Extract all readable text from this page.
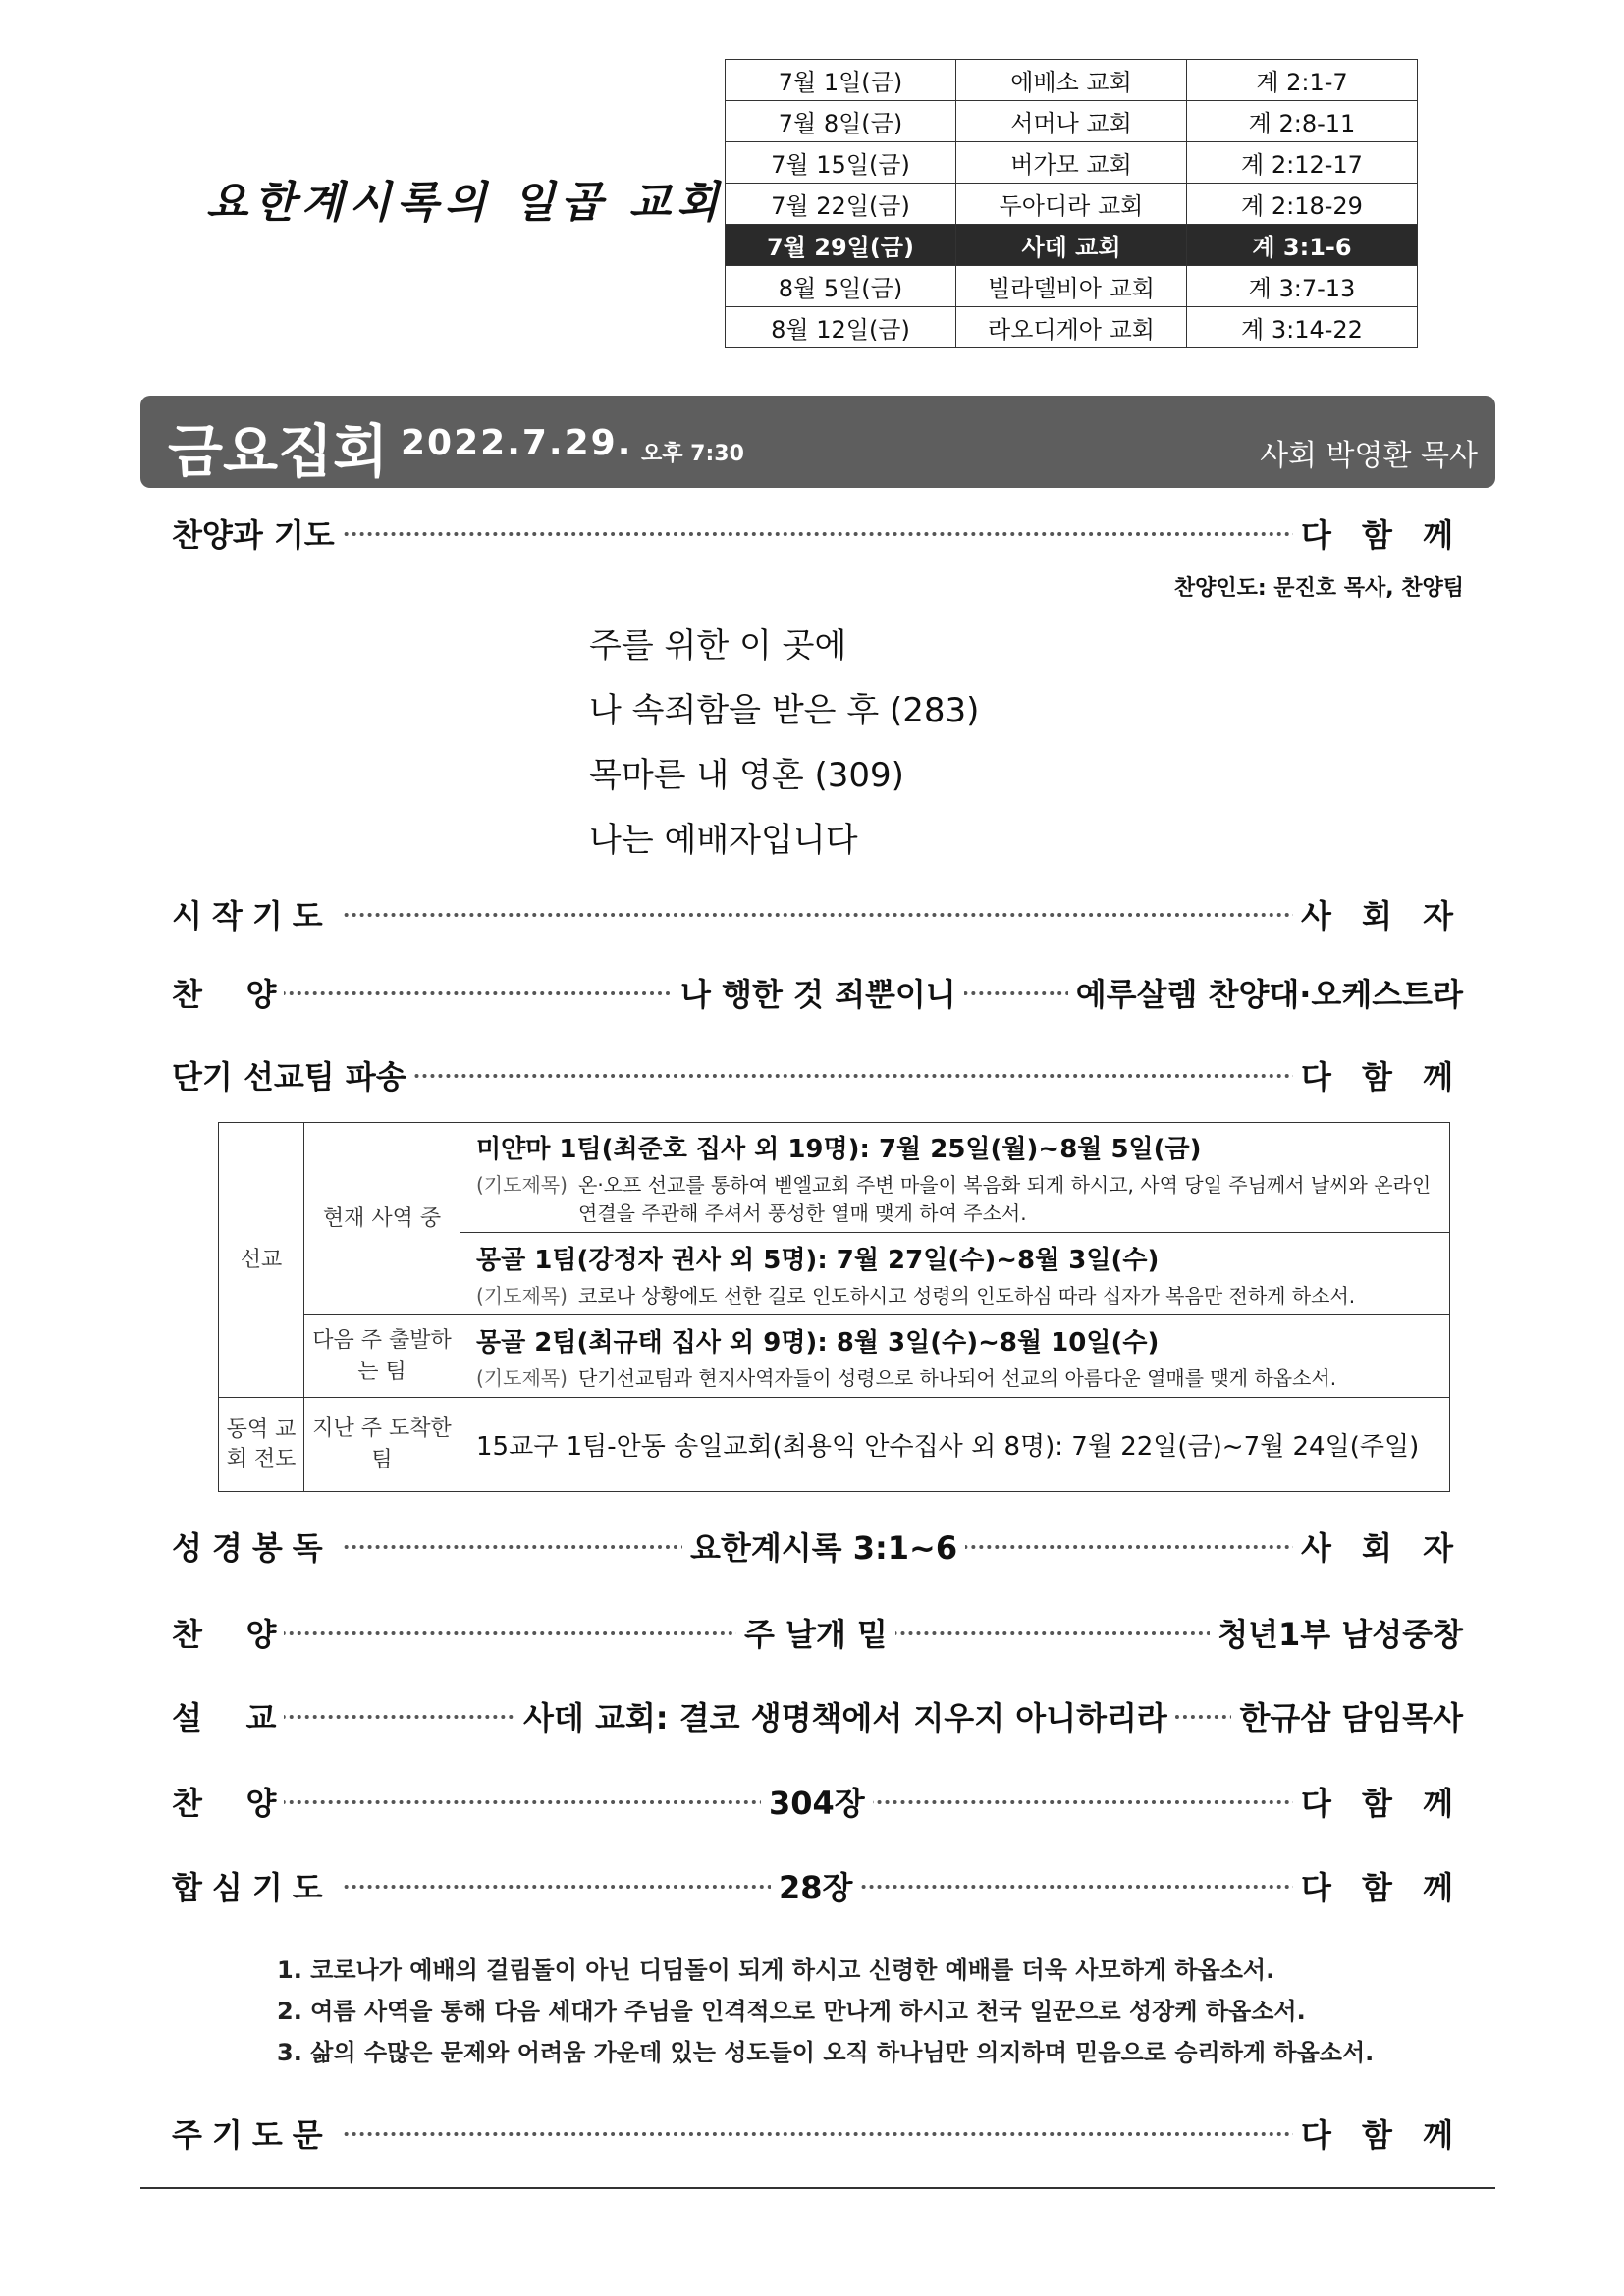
요한계시록의 일곱 교회
7월 1일(금)	에베소 교회	계 2:1-7
7월 8일(금)	서머나 교회	계 2:8-11
7월 15일(금)	버가모 교회	계 2:12-17
7월 22일(금)	두아디라 교회	계 2:18-29
7월 29일(금)	사데 교회	계 3:1-6
8월 5일(금)	빌라델비아 교회	계 3:7-13
8월 12일(금)	라오디게아 교회	계 3:14-22
금요집회 2022.7.29. 오후 7:30	사회 박영환 목사
찬양과 기도	다 함 께
찬양인도: 문진호 목사, 찬양팀
주를 위한 이 곳에
나 속죄함을 받은 후 (283)
목마른 내 영혼 (309)
나는 예배자입니다
시작기도	사 회 자
찬    양	나 행한 것 죄뿐이니	예루살렘 찬양대·오케스트라
단기 선교팀 파송	다 함 께
선교	현재 사역 중	미얀마 1팀(최준호 집사 외 19명): 7월 25일(월)~8월 5일(금)
(기도제목) 온·오프 선교를 통하여 벧엘교회 주변 마을이 복음화 되게 하시고, 사역 당일 주님께서 날씨와 온라인 연결을 주관해 주셔서 풍성한 열매 맺게 하여 주소서.

		몽골 1팀(강정자 권사 외 5명): 7월 27일(수)~8월 3일(수)
(기도제목) 코로나 상황에도 선한 길로 인도하시고 성령의 인도하심 따라 십자가 복음만 전하게 하소서.

	다음 주 출발하는 팀	몽골 2팀(최규태 집사 외 9명): 8월 3일(수)~8월 10일(수)
(기도제목) 단기선교팀과 현지사역자들이 성령으로 하나되어 선교의 아름다운 열매를 맺게 하옵소서.

동역 교회 전도	지난 주 도착한 팀	15교구 1팀-안동 송일교회(최용익 안수집사 외 8명): 7월 22일(금)~7월 24일(주일)
성경봉독	요한계시록 3:1~6	사 회 자
찬    양	주 날개 밑	청년1부 남성중창
설    교	사데 교회: 결코 생명책에서 지우지 아니하리라 한규삼 담임목사
찬    양	304장	다 함 께
합심기도	28장	다 함 께
1. 코로나가 예배의 걸림돌이 아닌 디딤돌이 되게 하시고 신령한 예배를 더욱 사모하게 하옵소서.
2. 여름 사역을 통해 다음 세대가 주님을 인격적으로 만나게 하시고 천국 일꾼으로 성장케 하옵소서.
3. 삶의 수많은 문제와 어려움 가운데 있는 성도들이 오직 하나님만 의지하며 믿음으로 승리하게 하옵소서.
주기도문	다 함 께
